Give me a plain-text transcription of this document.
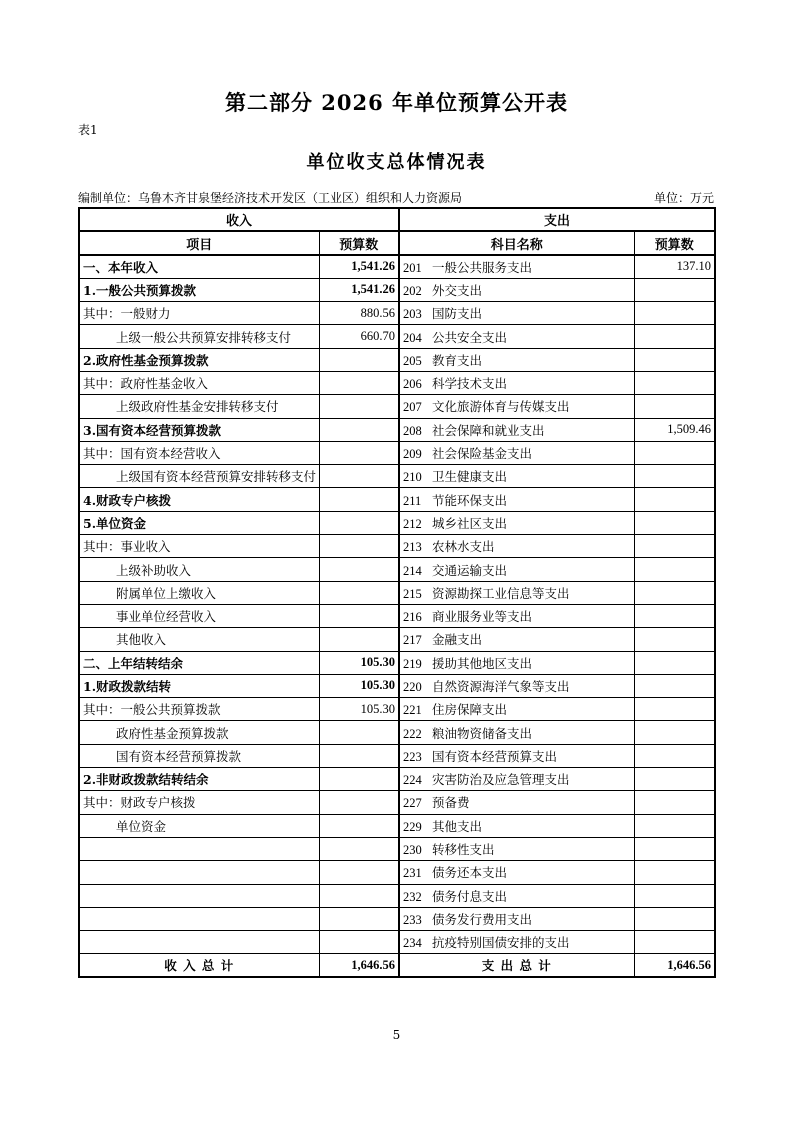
第二部分 2026 年单位预算公开表
表1
单位收支总体情况表
编制单位：乌鲁木齐甘泉堡经济技术开发区（工业区）组织和人力资源局	单位：万元
收入		支出	
项目	预算数	科目名称	预算数
一、本年收入	1,541.26	201 一般公共服务支出	137.10
1.一般公共预算拨款	1,541.26	202 外交支出	
其中：一般财力	880.56	203 国防支出	
上级一般公共预算安排转移支付	660.70	204 公共安全支出	
2.政府性基金预算拨款		205 教育支出	
其中：政府性基金收入		206 科学技术支出	
上级政府性基金安排转移支付		207 文化旅游体育与传媒支出	
3.国有资本经营预算拨款		208 社会保障和就业支出	1,509.46
其中：国有资本经营收入		209 社会保险基金支出	
上级国有资本经营预算安排转移支付		210 卫生健康支出	
4.财政专户核拨		211 节能环保支出	
5.单位资金		212 城乡社区支出	
其中：事业收入		213 农林水支出	
上级补助收入		214 交通运输支出	
附属单位上缴收入		215 资源勘探工业信息等支出	
事业单位经营收入		216 商业服务业等支出	
其他收入		217 金融支出	
二、上年结转结余	105.30	219 援助其他地区支出	
1.财政拨款结转	105.30	220 自然资源海洋气象等支出	
其中：一般公共预算拨款	105.30	221 住房保障支出	
政府性基金预算拨款		222 粮油物资储备支出	
国有资本经营预算拨款		223 国有资本经营预算支出	
2.非财政拨款结转结余		224 灾害防治及应急管理支出	
其中：财政专户核拨		227 预备费	
单位资金		229 其他支出	
		230 转移性支出	
		231 债务还本支出	
		232 债务付息支出	
		233 债务发行费用支出	
		234 抗疫特别国债安排的支出	
收 入 总 计	1,646.56	支 出 总 计	1,646.56
5
